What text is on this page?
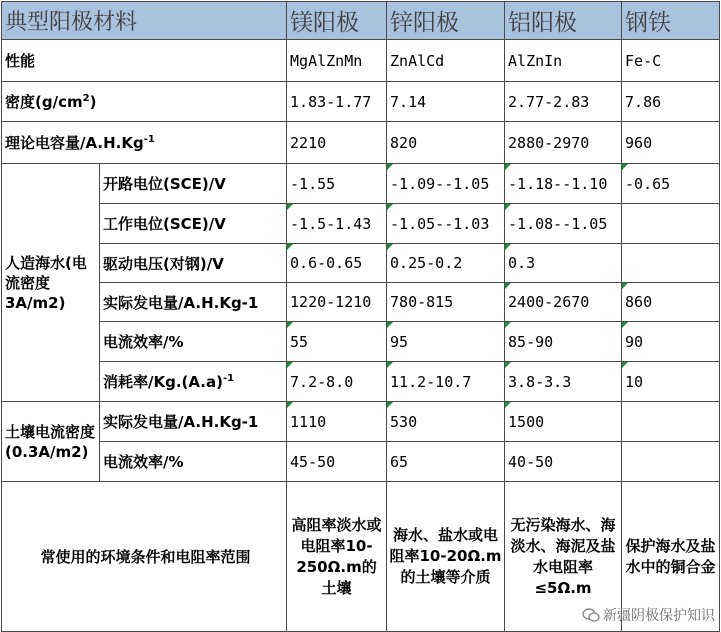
典型阳极材料		镁阳极	锌阳极	铝阳极	钢铁
性能		MgAlZnMn	ZnAlCd	AlZnIn	Fe-C
密度$(g/cm^2)$		1.83-1.77	7.14	2.77-2.83	7.86
理论电容量$/A.H.Kg^{-1}$		2210	820	2880-2970	960
人造海水(电流密度3A/m2)	开路电位(SCE)/V	-1.55	-1.09--1.05	-1.18--1.10	-0.65
	工作电位(SCE)/V	-1.5-1.43	-1.05--1.03	-1.08--1.05	
	驱动电压(对钢)/V	0.6-0.65	0.25-0.2	0.3	
	实际发电量/A.H.Kg-1	1220-1210	780-815	2400-2670	860
	电流效率/%	55	95	85-90	90
	消耗率$/Kg.(A.a)^{-1}$	7.2-8.0	11.2-10.7	3.8-3.3	10
土壤电流密度(0.3A/m2)	实际发电量/A.H.Kg-1	1110	530	1500	
	电流效率/%	45-50	65	40-50	
常使用的环境条件和电阻率范围		高阻率淡水或电阻率10-250Ω.m的土壤	海水、盐水或电阻率10-20Ω.m的土壤等介质	无污染海水、海淡水、海泥及盐水电阻率≤5Ω.m	保护海水及盐水中的铜合金
新疆阴极保护知识
